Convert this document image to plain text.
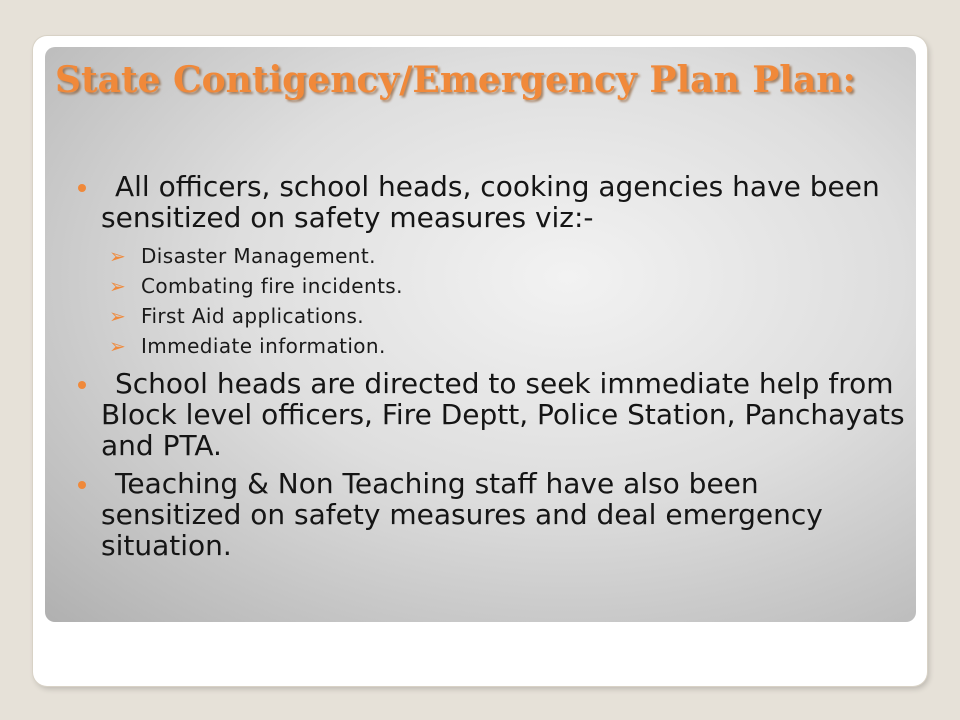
State Contigency/Emergency Plan Plan:
All officers, school heads, cooking agencies have been sensitized on safety measures viz:-
➢ Disaster Management.
➢ Combating fire incidents.
➢ First Aid applications.
➢ Immediate information.
School heads are directed to seek immediate help from Block level officers, Fire Deptt, Police Station, Panchayats and PTA.
Teaching & Non Teaching staff have also been sensitized on safety measures and deal emergency situation.
